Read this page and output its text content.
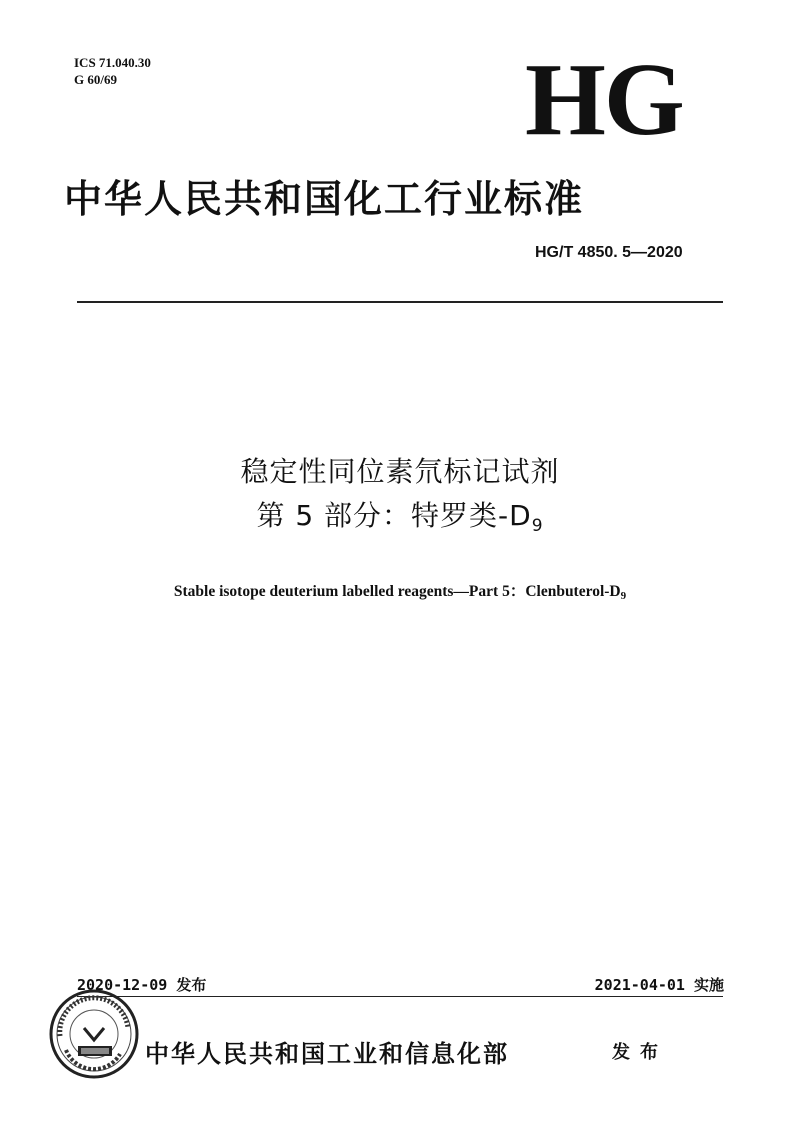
ICS 71.040.30
G 60/69	HG
中华人民共和国化工行业标准
HG/T 4850. 5—2020
稳定性同位素氘标记试剂
第 5 部分：特罗类$-D_9$
Stable isotope deuterium labelled reagents—Part 5：Clenbuterol-$D_9$
2020-12-09 发布	2021-04-01 实施
中华人民共和国工业和信息化部	发布
